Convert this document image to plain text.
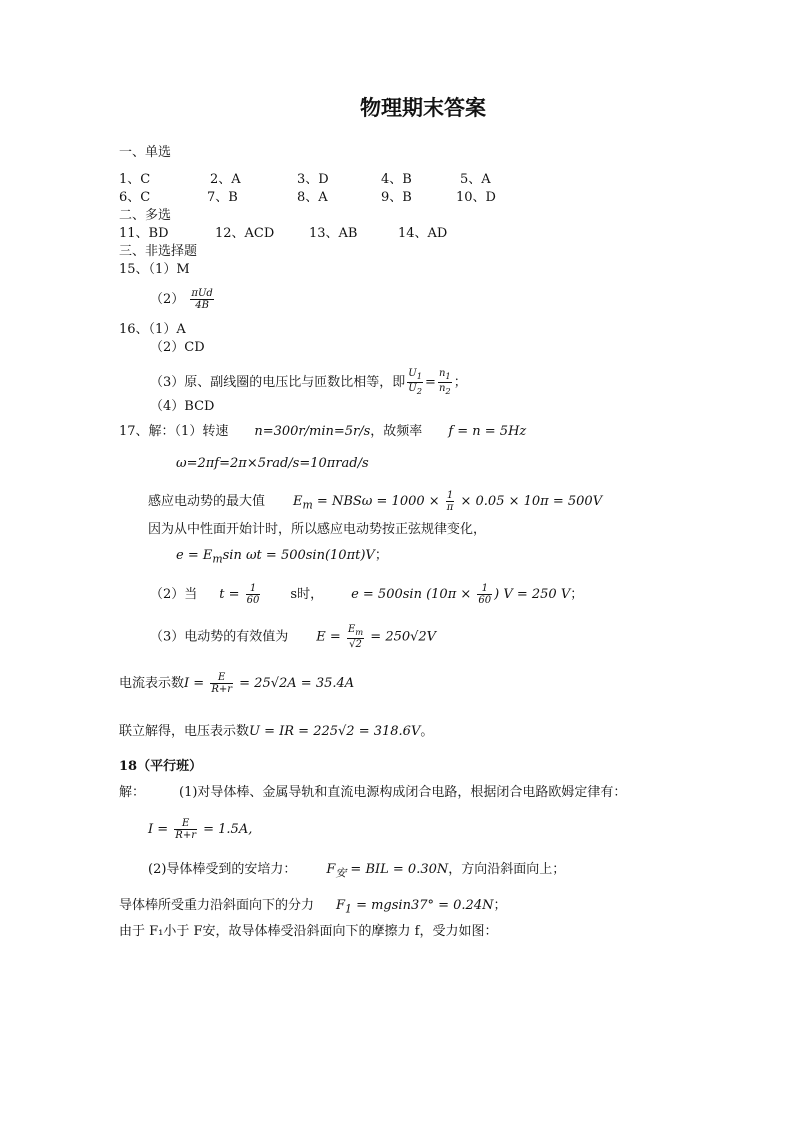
物理期末答案
一、单选
1、C	2、A	3、D	4、B	5、A
6、C	7、B	8、A	9、B	10、D
二、多选
11、BD	12、ACD	13、AB	14、AD
三、非选择题
15、（1）M
$(2) \frac{\text{πUd}}{4B}$
16、（1）A
（2）CD
（3）原、副线圈的电压比与匝数比相等，即 $\frac{U_1}{U_2} = \frac{n_1}{n_2}$ ；
（4）BCD
17、解：（1）转速 n=300r/min=5r/s，故频率 f = n = 5Hz
ω=2πf=2π×5rad/s=10πrad/s
感应电动势的最大值 $E_m = NBS\omega = 1000 \times \frac{1}{\pi} \times 0.05 \times 10\pi = 500V$
因为从中性面开始计时，所以感应电动势按正弦规律变化，
$e = E_m\sin$ ωt = 500sin(10πt)V；
（2）当 $t = \frac{1}{60}$ s时， e = 500sin ($10\pi \times \frac{1}{60}$ ) V = 250 V；
（3）电动势的有效值为 $E = \frac{E_m}{√2} = 250√2V$
电流表示数$I = \frac{E}{R+r} = 25√2A = 35.4A$
联立解得，电压表示数U = IR = 225√2 = 318.6V。
18（平行班）
解：	(1)对导体棒、金属导轨和直流电源构成闭合电路，根据闭合电路欧姆定律有：
$I = \frac{E}{R+r} = 1.5A$,
(2)导体棒受到的安培力： $F_安$ = BIL = 0.30N，方向沿斜面向上；
导体棒所受重力沿斜面向下的分力 $F_1 = mgsin37^\circ = 0.24N$；
由于 F₁小于 F安，故导体棒受沿斜面向下的摩擦力 f，受力如图：
